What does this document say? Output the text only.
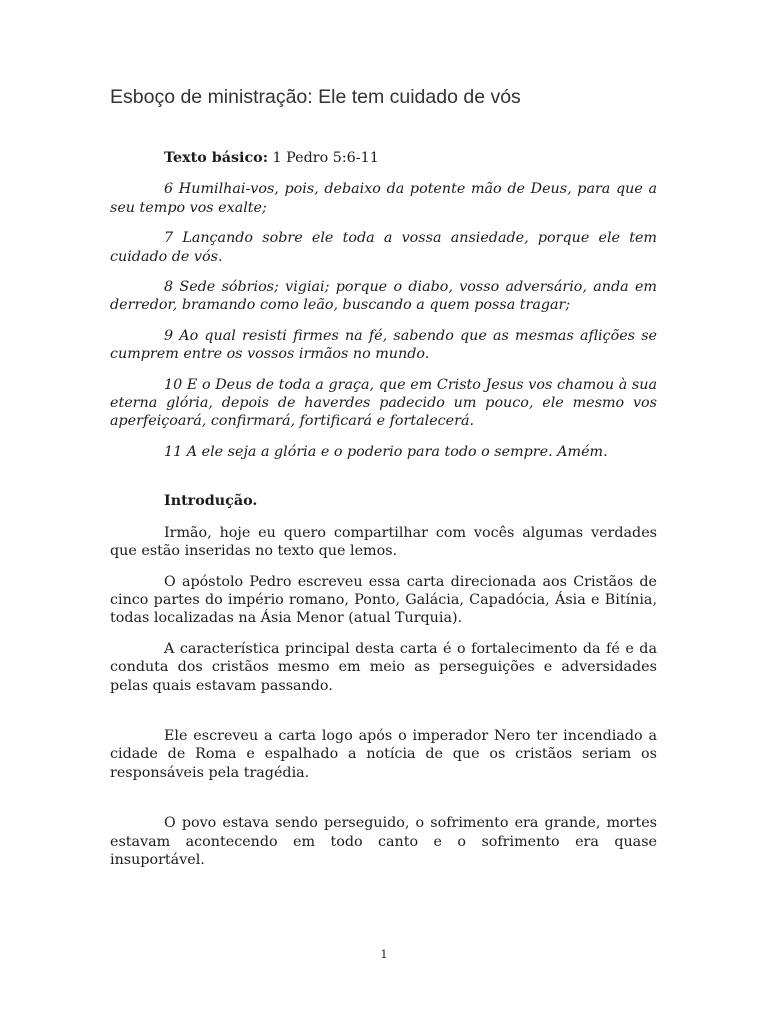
Esboço de ministração: Ele tem cuidado de vós

Texto básico: 1 Pedro 5:6-11

6 Humilhai-vos, pois, debaixo da potente mão de Deus, para que a seu tempo vos exalte;

7 Lançando sobre ele toda a vossa ansiedade, porque ele tem cuidado de vós.

8 Sede sóbrios; vigiai; porque o diabo, vosso adversário, anda em derredor, bramando como leão, buscando a quem possa tragar;

9 Ao qual resisti firmes na fé, sabendo que as mesmas aflições se cumprem entre os vossos irmãos no mundo.

10 E o Deus de toda a graça, que em Cristo Jesus vos chamou à sua eterna glória, depois de haverdes padecido um pouco, ele mesmo vos aperfeiçoará, confirmará, fortificará e fortalecerá.

11 A ele seja a glória e o poderio para todo o sempre. Amém.

Introdução.

Irmão, hoje eu quero compartilhar com vocês algumas verdades que estão inseridas no texto que lemos.

O apóstolo Pedro escreveu essa carta direcionada aos Cristãos de cinco partes do império romano, Ponto, Galácia, Capadócia, Ásia e Bitínia, todas localizadas na Ásia Menor (atual Turquia).

A característica principal desta carta é o fortalecimento da fé e da conduta dos cristãos mesmo em meio as perseguições e adversidades pelas quais estavam passando.

Ele escreveu a carta logo após o imperador Nero ter incendiado a cidade de Roma e espalhado a notícia de que os cristãos seriam os responsáveis pela tragédia.

O povo estava sendo perseguido, o sofrimento era grande, mortes estavam acontecendo em todo canto e o sofrimento era quase insuportável.

1
